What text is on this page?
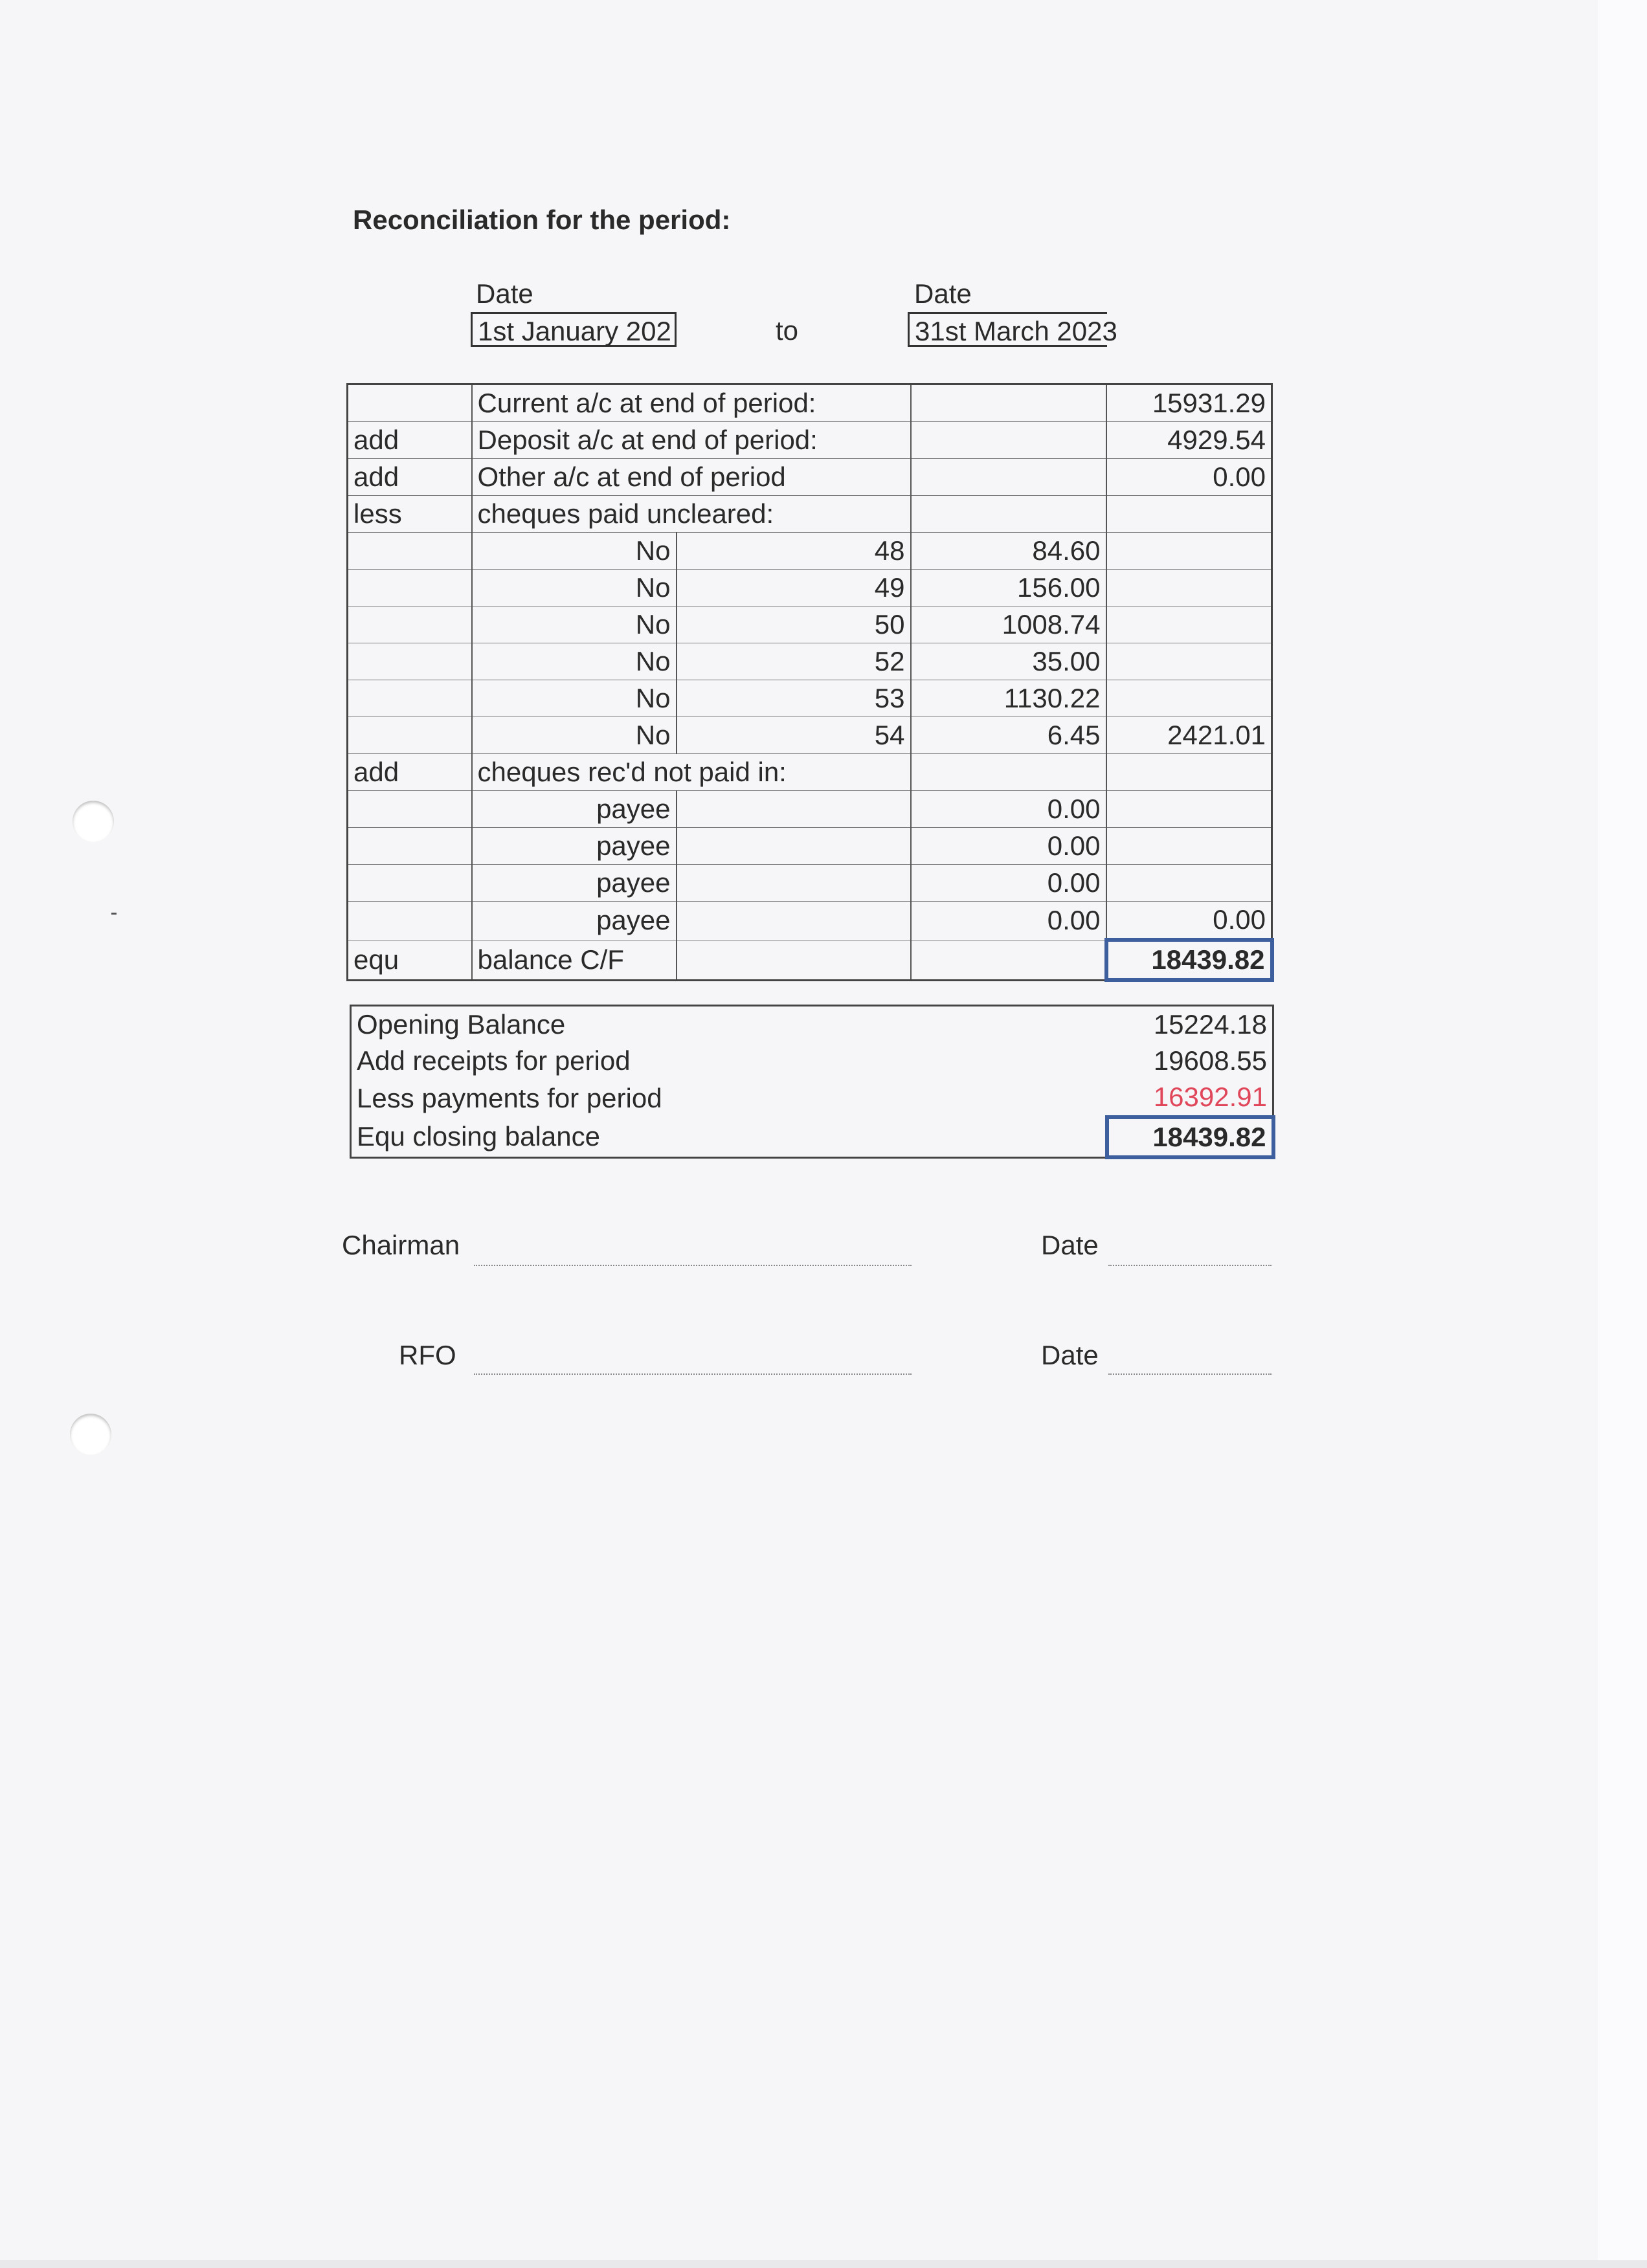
Reconciliation for the period:
Date
1st January 202	to
Date
31st March 2023
	Current a/c at end of period:			15931.29
add	Deposit a/c at end of period:			4929.54
add	Other a/c at end of period			0.00
less	cheques paid uncleared:			
	No	48	84.60	
	No	49	156.00	
	No	50	1008.74	
	No	52	35.00	
	No	53	1130.22	
	No	54	6.45	2421.01
add	cheques rec'd not paid in:			
	payee		0.00	
	payee		0.00	
	payee		0.00	
	payee		0.00	0.00
equ	balance C/F			18439.82
Opening Balance	15224.18
Add receipts for period	19608.55
Less payments for period	16392.91
Equ closing balance	18439.82
Chairman	Date
RFO	Date
